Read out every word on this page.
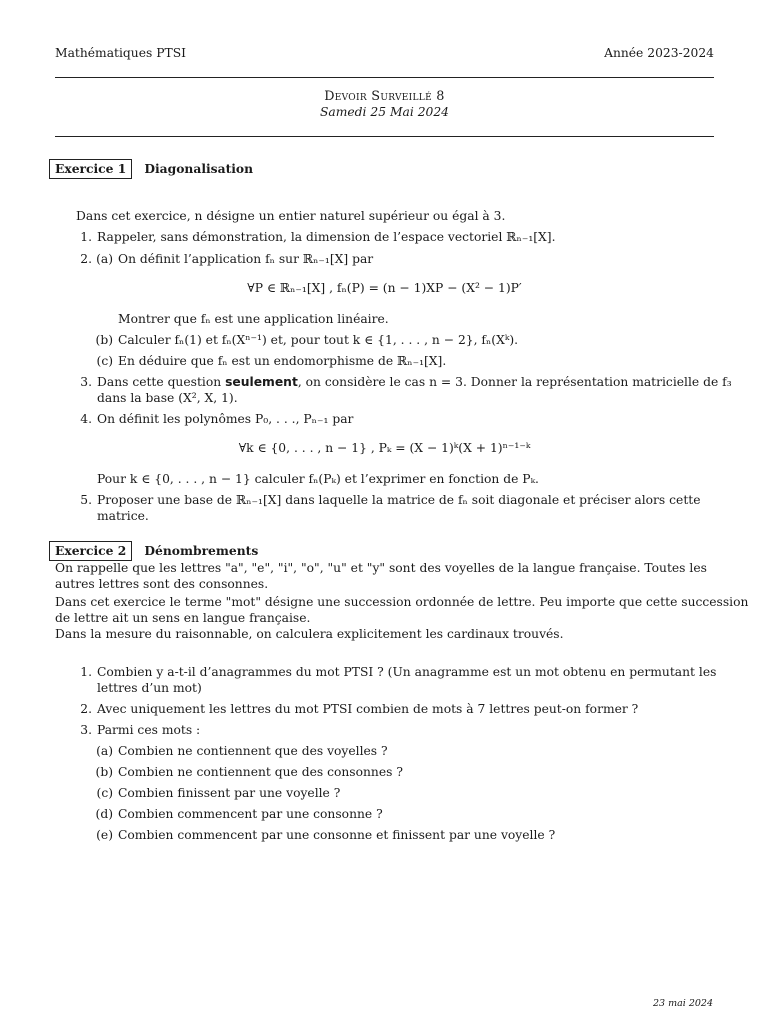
Mathématiques PTSI	Année 2023-2024
Devoir Surveillé 8
Samedi 25 Mai 2024
Exercice 1 Diagonalisation
Dans cet exercice, n désigne un entier naturel supérieur ou égal à 3.
1. Rappeler, sans démonstration, la dimension de l’espace vectoriel ℝₙ₋₁[X].
2. (a) On définit l’application fₙ sur ℝₙ₋₁[X] par
∀P ∈ ℝₙ₋₁[X] , fₙ(P) = (n − 1)XP − (X² − 1)P′
Montrer que fₙ est une application linéaire.
(b) Calculer fₙ(1) et fₙ(Xⁿ⁻¹) et, pour tout k ∈ {1, . . . , n − 2}, fₙ(Xᵏ).
(c) En déduire que fₙ est un endomorphisme de ℝₙ₋₁[X].
3. Dans cette question seulement, on considère le cas n = 3. Donner la représentation matricielle de f₃
dans la base (X², X, 1).
4. On définit les polynômes P₀, . . ., Pₙ₋₁ par
∀k ∈ {0, . . . , n − 1} , Pₖ = (X − 1)ᵏ(X + 1)ⁿ⁻¹⁻ᵏ
Pour k ∈ {0, . . . , n − 1} calculer fₙ(Pₖ) et l’exprimer en fonction de Pₖ.
5. Proposer une base de ℝₙ₋₁[X] dans laquelle la matrice de fₙ soit diagonale et préciser alors cette
matrice.
Exercice 2 Dénombrements
On rappelle que les lettres "a", "e", "i", "o", "u" et "y" sont des voyelles de la langue française. Toutes les
autres lettres sont des consonnes.
Dans cet exercice le terme "mot" désigne une succession ordonnée de lettre. Peu importe que cette succession
de lettre ait un sens en langue française.
Dans la mesure du raisonnable, on calculera explicitement les cardinaux trouvés.
1. Combien y a-t-il d’anagrammes du mot PTSI ? (Un anagramme est un mot obtenu en permutant les
lettres d’un mot)
2. Avec uniquement les lettres du mot PTSI combien de mots à 7 lettres peut-on former ?
3. Parmi ces mots :
(a) Combien ne contiennent que des voyelles ?
(b) Combien ne contiennent que des consonnes ?
(c) Combien finissent par une voyelle ?
(d) Combien commencent par une consonne ?
(e) Combien commencent par une consonne et finissent par une voyelle ?
23 mai 2024
